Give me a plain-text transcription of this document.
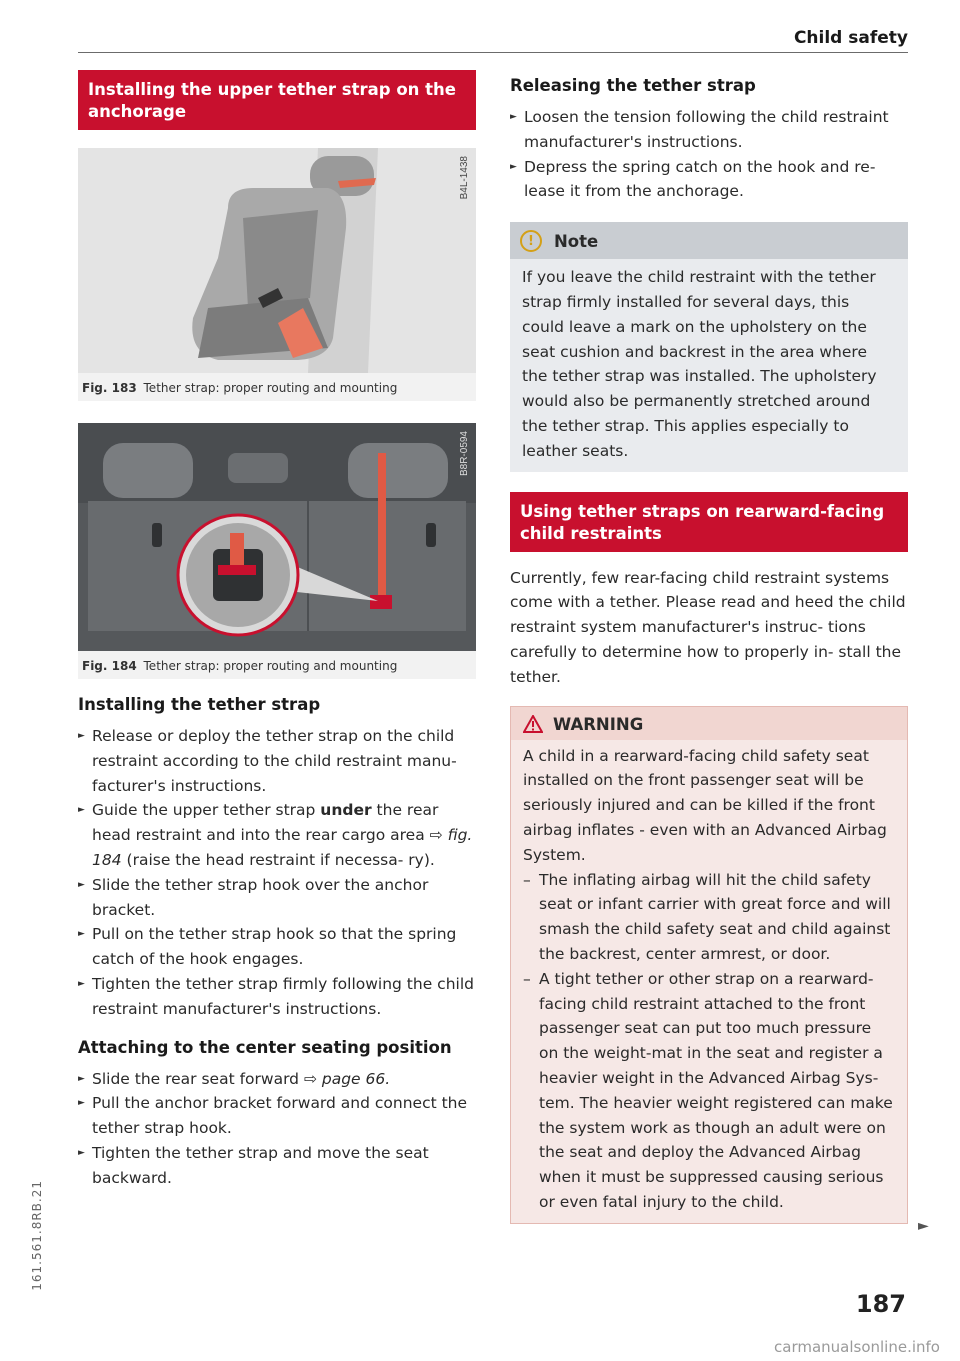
Child safety
Installing the upper tether strap on the anchorage
B4L-1438
Fig. 183 Tether strap: proper routing and mounting
B8R-0594
Fig. 184 Tether strap: proper routing and mounting
Installing the tether strap
► Release or deploy the tether strap on the child restraint according to the child restraint manu- facturer's instructions.
► Guide the upper tether strap under the rear head restraint and into the rear cargo area ⇨ fig. 184 (raise the head restraint if necessa- ry).
► Slide the tether strap hook over the anchor bracket.
► Pull on the tether strap hook so that the spring catch of the hook engages.
► Tighten the tether strap firmly following the child restraint manufacturer's instructions.
Attaching to the center seating position
► Slide the rear seat forward ⇨ page 66.
► Pull the anchor bracket forward and connect the tether strap hook.
► Tighten the tether strap and move the seat backward.
Releasing the tether strap
► Loosen the tension following the child restraint manufacturer's instructions.
► Depress the spring catch on the hook and re- lease it from the anchorage.
!	Note
If you leave the child restraint with the tether strap firmly installed for several days, this could leave a mark on the upholstery on the seat cushion and backrest in the area where the tether strap was installed. The upholstery would also be permanently stretched around the tether strap. This applies especially to leather seats.
Using tether straps on rearward-facing child restraints
Currently, few rear-facing child restraint systems come with a tether. Please read and heed the child restraint system manufacturer's instruc- tions carefully to determine how to properly in- stall the tether.
WARNING
A child in a rearward-facing child safety seat installed on the front passenger seat will be seriously injured and can be killed if the front airbag inflates - even with an Advanced Airbag System.
– The inflating airbag will hit the child safety seat or infant carrier with great force and will smash the child safety seat and child against the backrest, center armrest, or door.
– A tight tether or other strap on a rearward- facing child restraint attached to the front passenger seat can put too much pressure on the weight-mat in the seat and register a heavier weight in the Advanced Airbag Sys- tem. The heavier weight registered can make the system work as though an adult were on the seat and deploy the Advanced Airbag when it must be suppressed causing serious or even fatal injury to the child.
►
187
161.561.8RB.21
carmanualsonline.info
